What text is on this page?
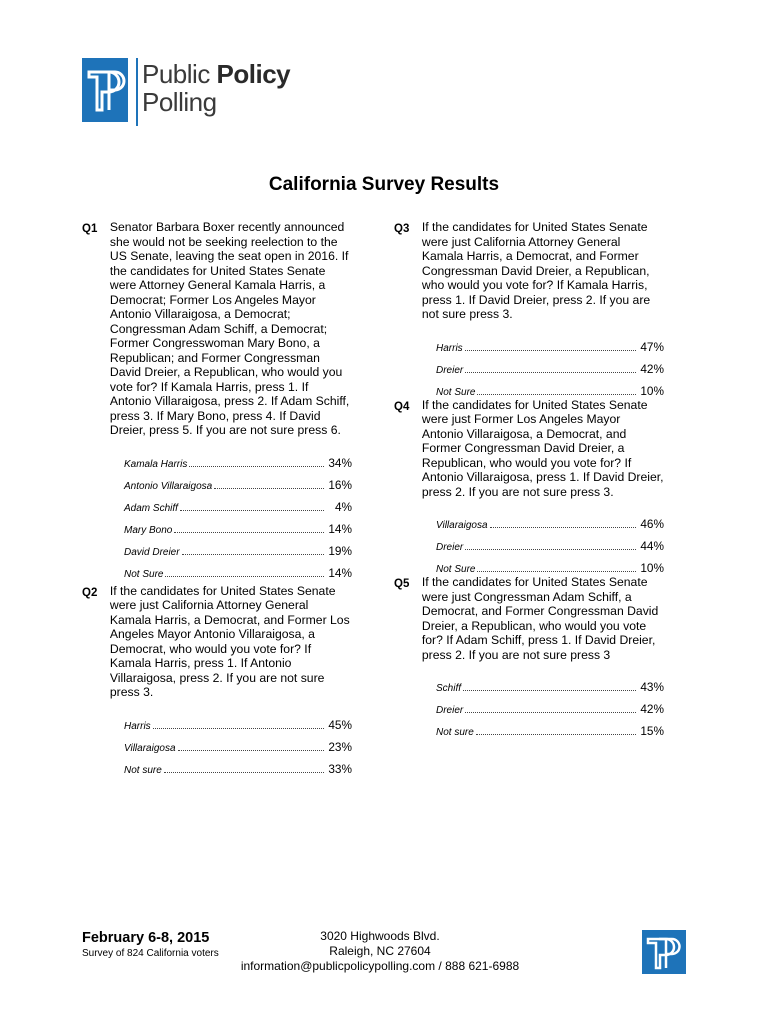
Public Policy
Polling
California Survey Results
Q1	Senator Barbara Boxer recently announced she would not be seeking reelection to the US Senate, leaving the seat open in 2016. If the candidates for United States Senate were Attorney General Kamala Harris, a Democrat; Former Los Angeles Mayor Antonio Villaraigosa, a Democrat; Congressman Adam Schiff, a Democrat; Former Congresswoman Mary Bono, a Republican; and Former Congressman David Dreier, a Republican, who would you vote for? If Kamala Harris, press 1. If Antonio Villaraigosa, press 2. If Adam Schiff, press 3. If Mary Bono, press 4. If David Dreier, press 5. If you are not sure press 6.
Kamala Harris	34%
Antonio Villaraigosa	16%
Adam Schiff	4%
Mary Bono	14%
David Dreier	19%
Not Sure	14%
Q2	If the candidates for United States Senate were just California Attorney General Kamala Harris, a Democrat, and Former Los Angeles Mayor Antonio Villaraigosa, a Democrat, who would you vote for? If Kamala Harris, press 1. If Antonio Villaraigosa, press 2. If you are not sure press 3.
Harris	45%
Villaraigosa	23%
Not sure	33%
Q3	If the candidates for United States Senate were just California Attorney General Kamala Harris, a Democrat, and Former Congressman David Dreier, a Republican, who would you vote for? If Kamala Harris, press 1. If David Dreier, press 2. If you are not sure press 3.
Harris	47%
Dreier	42%
Not Sure	10%
Q4	If the candidates for United States Senate were just Former Los Angeles Mayor Antonio Villaraigosa, a Democrat, and Former Congressman David Dreier, a Republican, who would you vote for? If Antonio Villaraigosa, press 1. If David Dreier, press 2. If you are not sure press 3.
Villaraigosa	46%
Dreier	44%
Not Sure	10%
Q5	If the candidates for United States Senate were just Congressman Adam Schiff, a Democrat, and Former Congressman David Dreier, a Republican, who would you vote for? If Adam Schiff, press 1. If David Dreier, press 2. If you are not sure press 3
Schiff	43%
Dreier	42%
Not sure	15%
February 6-8, 2015
Survey of 824 California voters
3020 Highwoods Blvd.
Raleigh, NC 27604
information@publicpolicypolling.com / 888 621-6988
